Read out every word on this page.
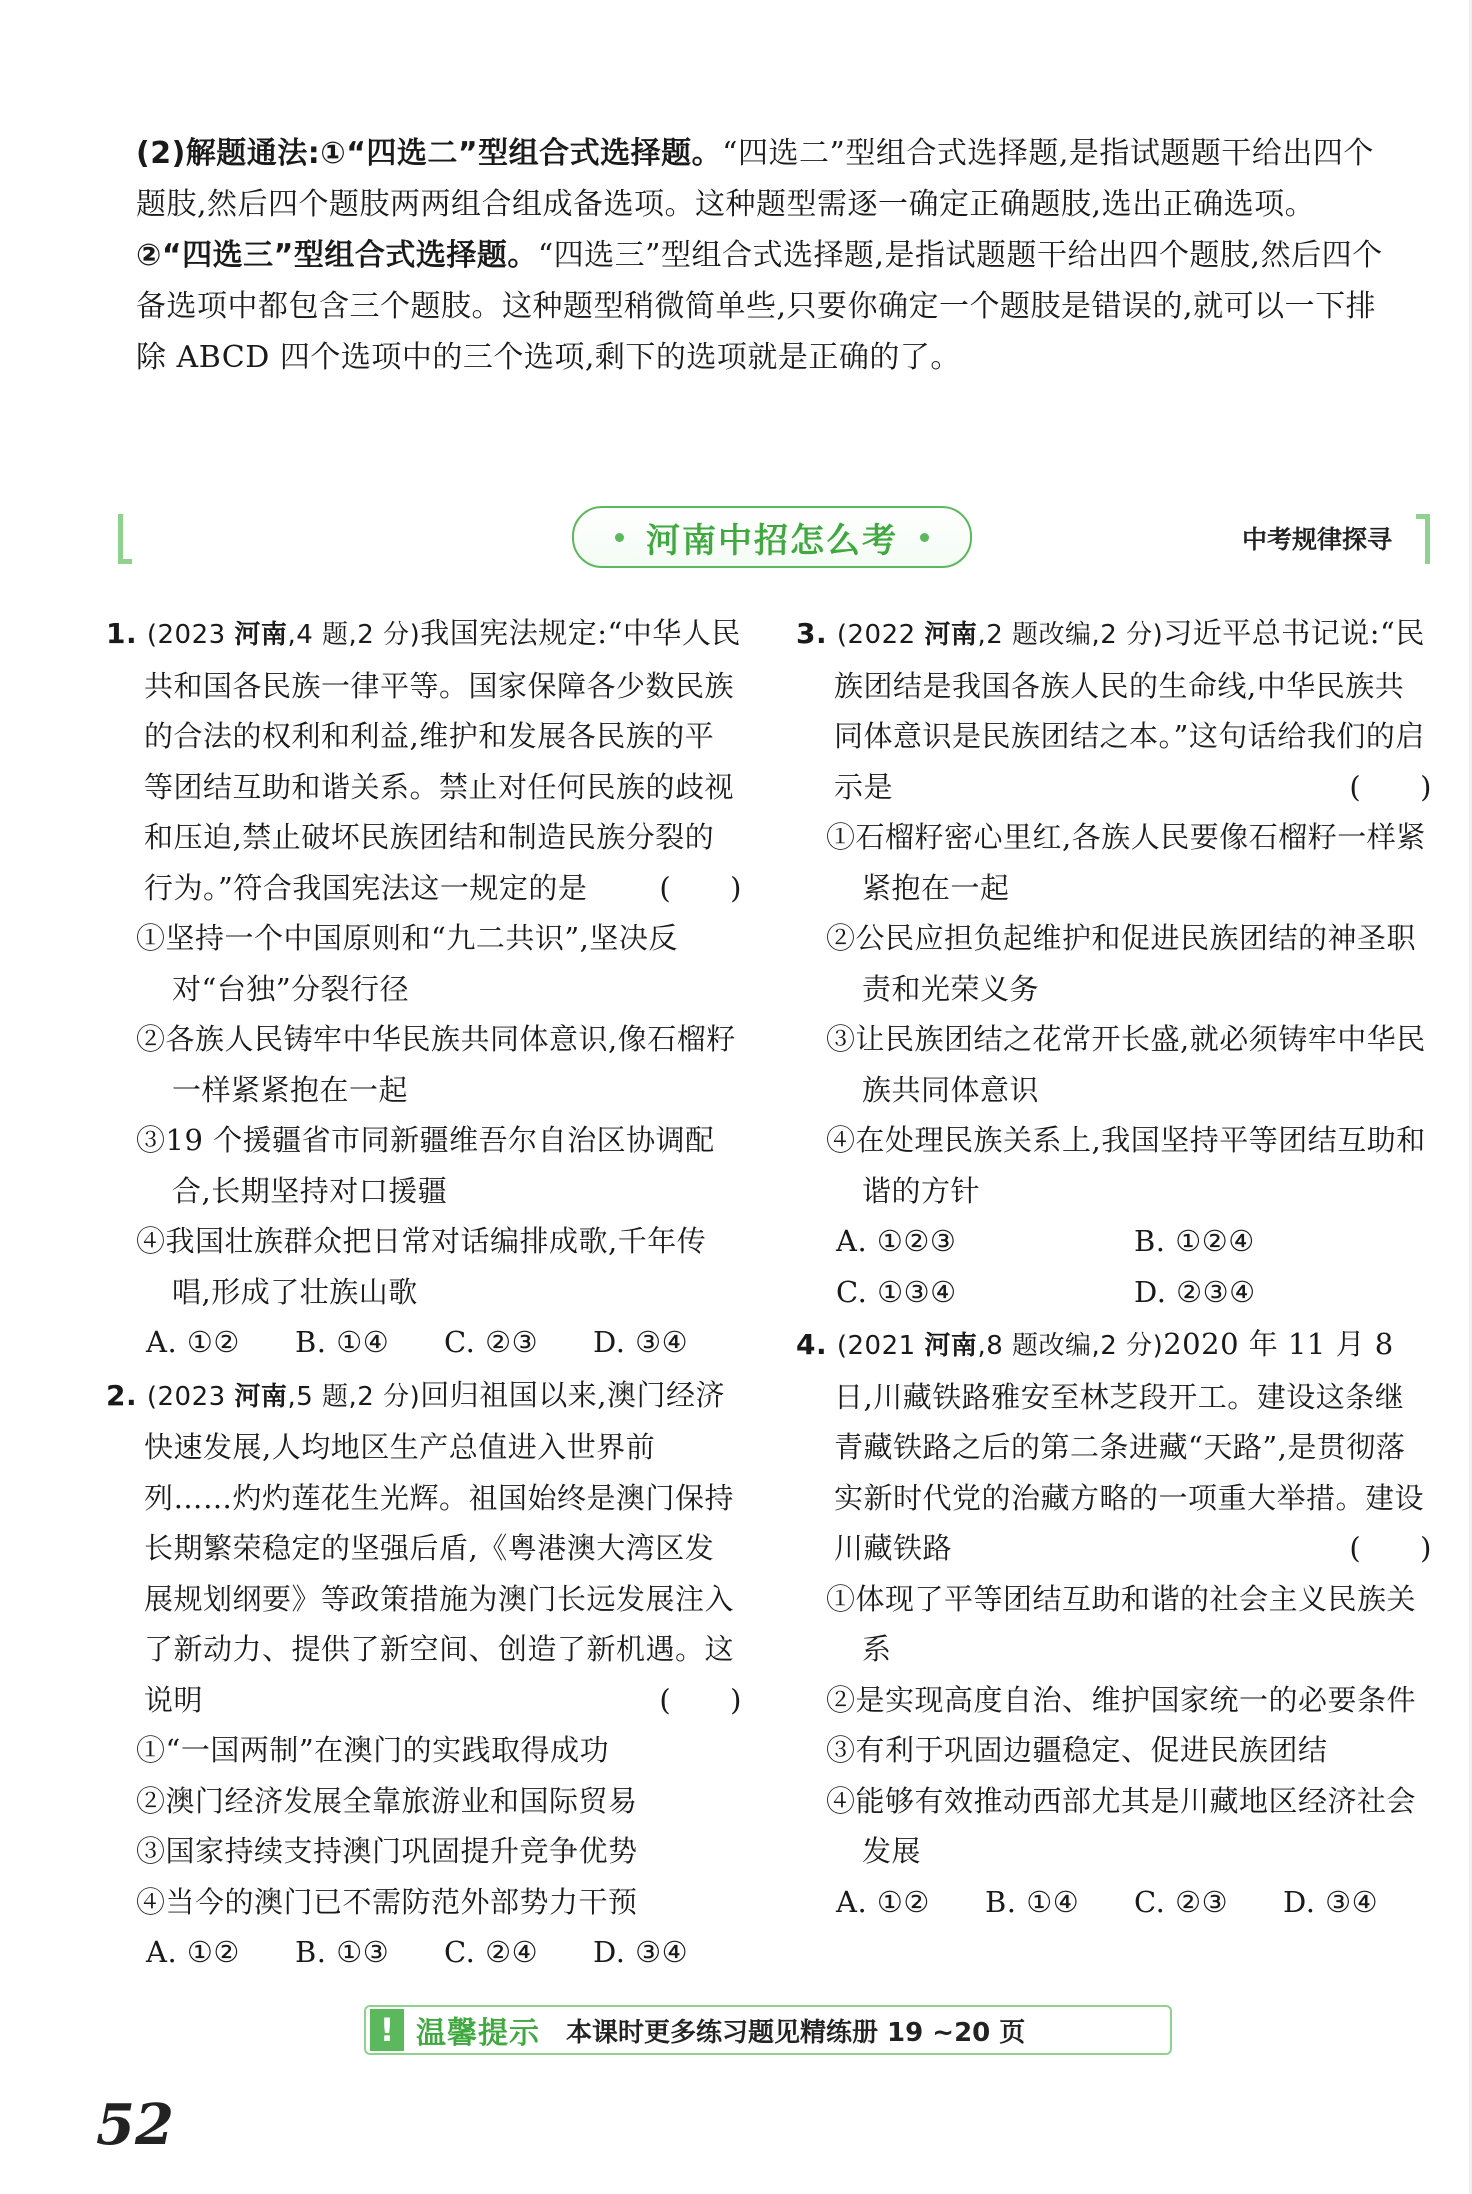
(2)解题通法:①“四选二”型组合式选择题。“四选二”型组合式选择题,是指试题题干给出四个题肢,然后四个题肢两两组合组成备选项。这种题型需逐一确定正确题肢,选出正确选项。

②“四选三”型组合式选择题。“四选三”型组合式选择题,是指试题题干给出四个题肢,然后四个备选项中都包含三个题肢。这种题型稍微简单些,只要你确定一个题肢是错误的,就可以一下排除 ABCD 四个选项中的三个选项,剩下的选项就是正确的了。

河南中招怎么考	中考规律探寻

1. (2023 河南,4 题,2 分)我国宪法规定:“中华人民共和国各民族一律平等。国家保障各少数民族的合法的权利和利益,维护和发展各民族的平等团结互助和谐关系。禁止对任何民族的歧视和压迫,禁止破坏民族团结和制造民族分裂的行为。”符合我国宪法这一规定的是 (　　)

①坚持一个中国原则和“九二共识”,坚决反对“台独”分裂行径

②各族人民铸牢中华民族共同体意识,像石榴籽一样紧紧抱在一起

③19 个援疆省市同新疆维吾尔自治区协调配合,长期坚持对口援疆

④我国壮族群众把日常对话编排成歌,千年传唱,形成了壮族山歌

A. ①②	B. ①④	C. ②③	D. ③④

2. (2023 河南,5 题,2 分)回归祖国以来,澳门经济快速发展,人均地区生产总值进入世界前列……灼灼莲花生光辉。祖国始终是澳门保持长期繁荣稳定的坚强后盾,《粤港澳大湾区发展规划纲要》等政策措施为澳门长远发展注入了新动力、提供了新空间、创造了新机遇。这说明	(　　)

①“一国两制”在澳门的实践取得成功

②澳门经济发展全靠旅游业和国际贸易

③国家持续支持澳门巩固提升竞争优势

④当今的澳门已不需防范外部势力干预

A. ①②	B. ①③	C. ②④	D. ③④

3. (2022 河南,2 题改编,2 分)习近平总书记说:“民族团结是我国各族人民的生命线,中华民族共同体意识是民族团结之本。”这句话给我们的启示是	(　　)

①石榴籽密心里红,各族人民要像石榴籽一样紧紧抱在一起

②公民应担负起维护和促进民族团结的神圣职责和光荣义务

③让民族团结之花常开长盛,就必须铸牢中华民族共同体意识

④在处理民族关系上,我国坚持平等团结互助和谐的方针

A. ①②③	B. ①②④
C. ①③④	D. ②③④

4. (2021 河南,8 题改编,2 分)2020 年 11 月 8 日,川藏铁路雅安至林芝段开工。建设这条继青藏铁路之后的第二条进藏“天路”,是贯彻落实新时代党的治藏方略的一项重大举措。建设川藏铁路	(　　)

①体现了平等团结互助和谐的社会主义民族关系

②是实现高度自治、维护国家统一的必要条件

③有利于巩固边疆稳定、促进民族团结

④能够有效推动西部尤其是川藏地区经济社会发展

A. ①②	B. ①④	C. ②③	D. ③④
! 温馨提示 本课时更多练习题见精练册 19 ~20 页
52
